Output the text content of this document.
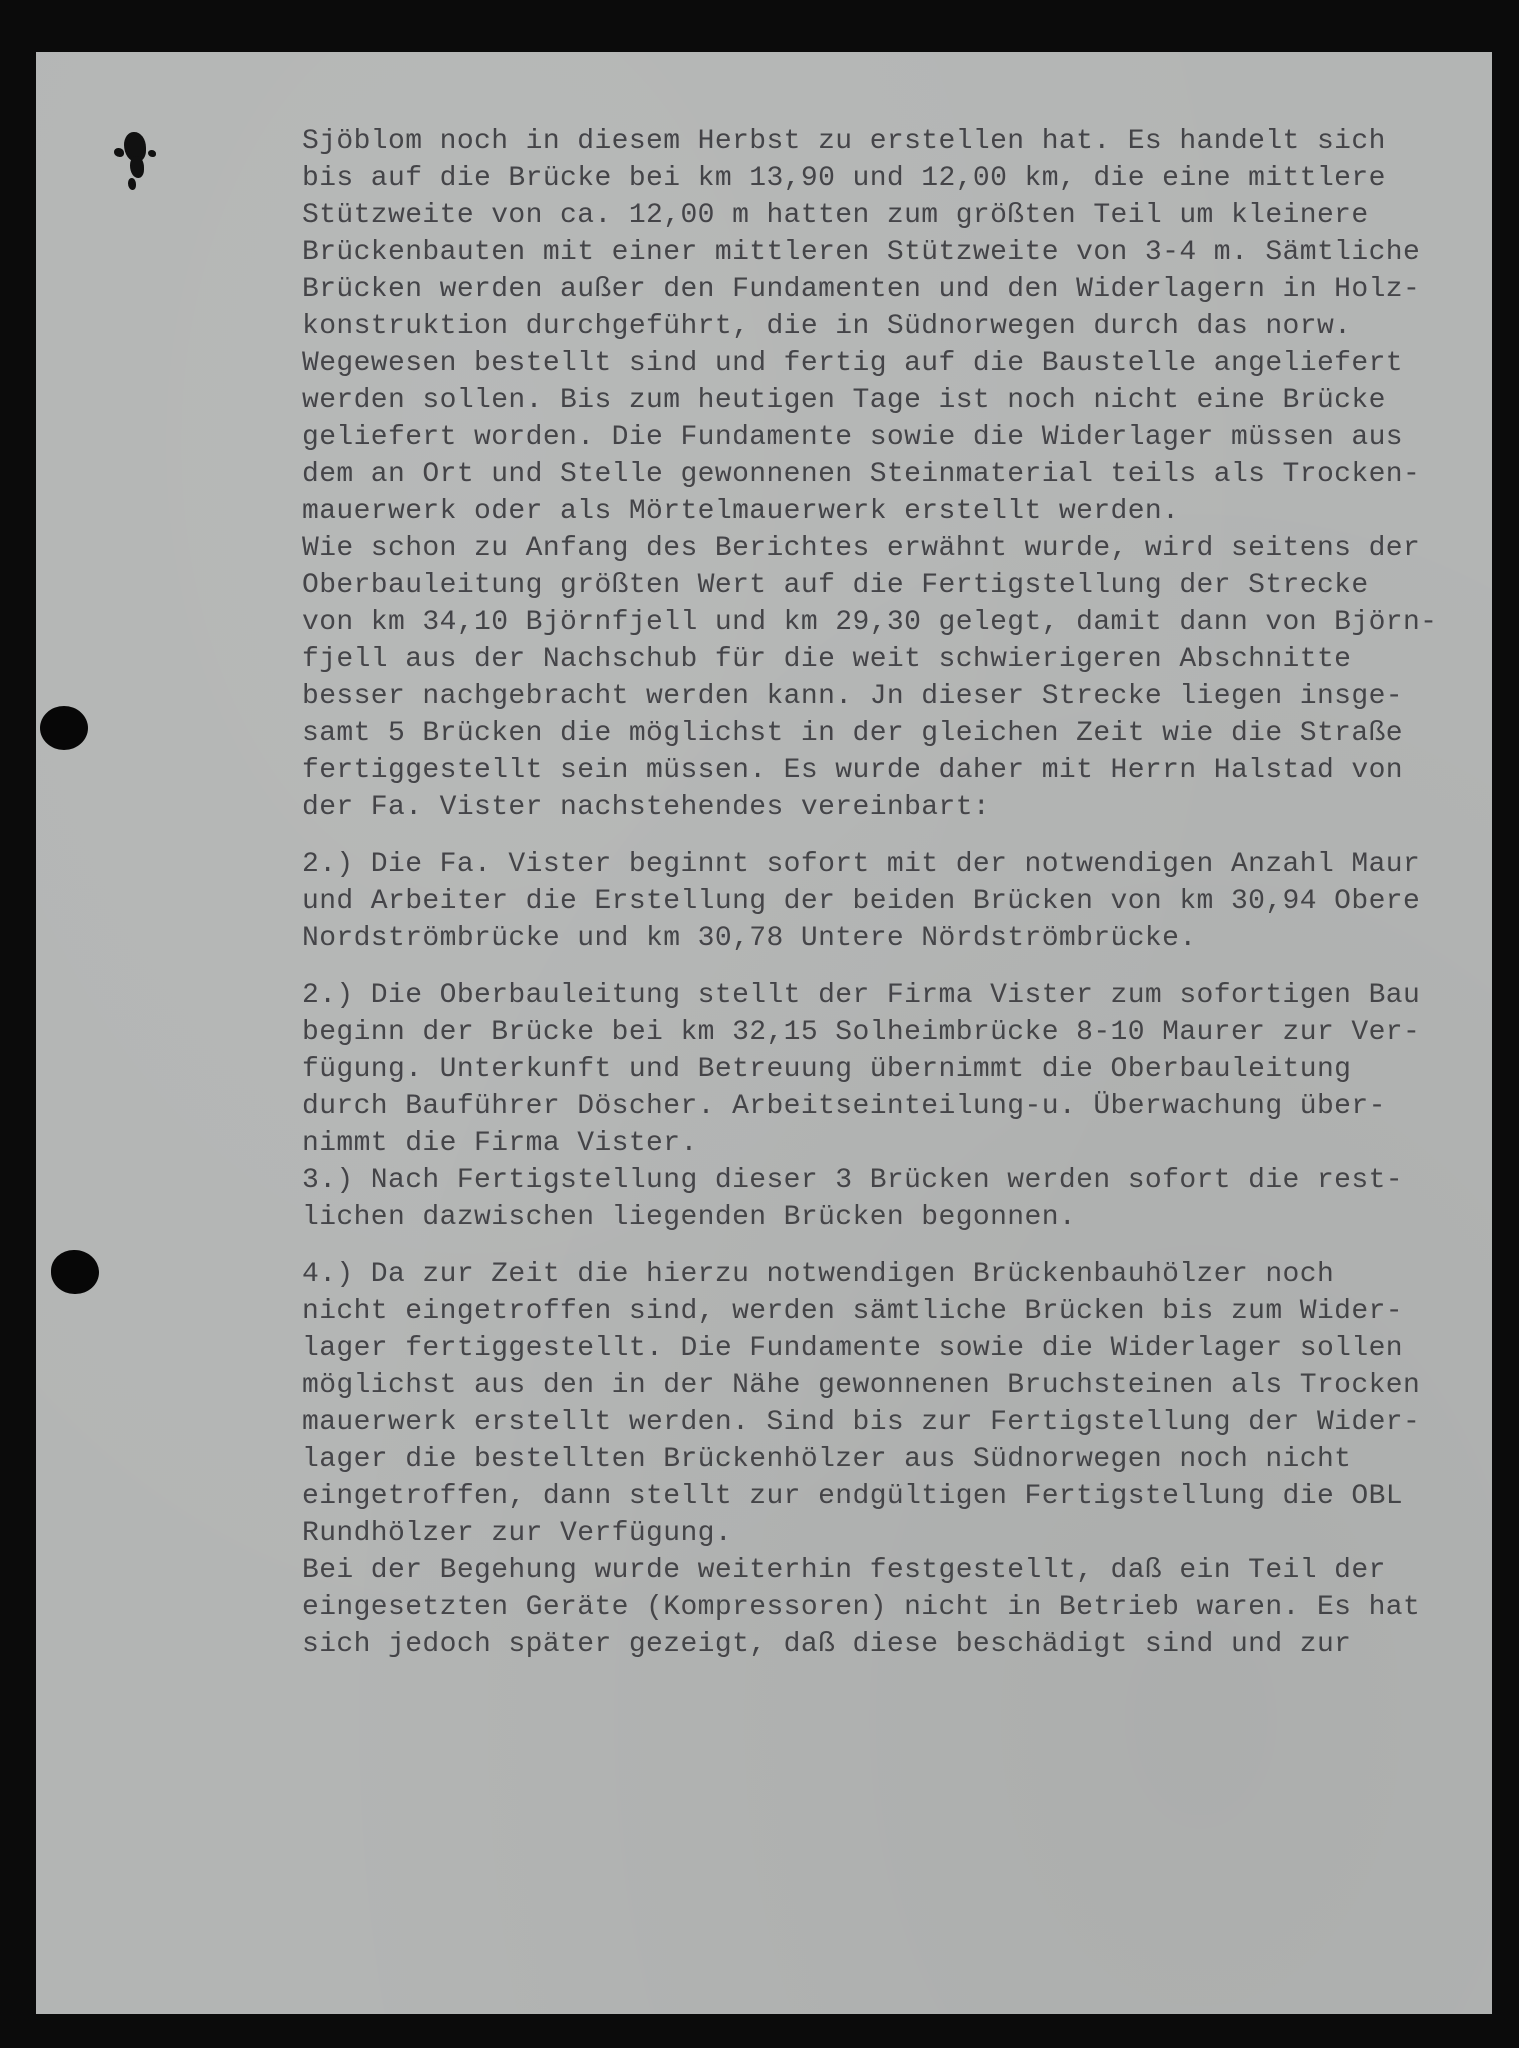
Sjöblom noch in diesem Herbst zu erstellen hat. Es handelt sich
bis auf die Brücke bei km 13,90 und 12,00 km, die eine mittlere
Stützweite von ca. 12,00 m hatten zum größten Teil um kleinere
Brückenbauten mit einer mittleren Stützweite von 3-4 m. Sämtliche
Brücken werden außer den Fundamenten und den Widerlagern in Holz-
konstruktion durchgeführt, die in Südnorwegen durch das norw.
Wegewesen bestellt sind und fertig auf die Baustelle angeliefert
werden sollen. Bis zum heutigen Tage ist noch nicht eine Brücke
geliefert worden. Die Fundamente sowie die Widerlager müssen aus
dem an Ort und Stelle gewonnenen Steinmaterial teils als Trocken-
mauerwerk oder als Mörtelmauerwerk erstellt werden.
Wie schon zu Anfang des Berichtes erwähnt wurde, wird seitens der
Oberbauleitung größten Wert auf die Fertigstellung der Strecke
von km 34,10 Björnfjell und km 29,30 gelegt, damit dann von Björn-
fjell aus der Nachschub für die weit schwierigeren Abschnitte
besser nachgebracht werden kann. Jn dieser Strecke liegen insge-
samt 5 Brücken die möglichst in der gleichen Zeit wie die Straße
fertiggestellt sein müssen. Es wurde daher mit Herrn Halstad von
der Fa. Vister nachstehendes vereinbart:
2.) Die Fa. Vister beginnt sofort mit der notwendigen Anzahl Maur
und Arbeiter die Erstellung der beiden Brücken von km 30,94 Obere
Nordströmbrücke und km 30,78 Untere Nördströmbrücke.
2.) Die Oberbauleitung stellt der Firma Vister zum sofortigen Bau
beginn der Brücke bei km 32,15 Solheimbrücke 8-10 Maurer zur Ver-
fügung. Unterkunft und Betreuung übernimmt die Oberbauleitung
durch Bauführer Döscher. Arbeitseinteilung-u. Überwachung über-
nimmt die Firma Vister.
3.) Nach Fertigstellung dieser 3 Brücken werden sofort die rest-
lichen dazwischen liegenden Brücken begonnen.
4.) Da zur Zeit die hierzu notwendigen Brückenbauhölzer noch
nicht eingetroffen sind, werden sämtliche Brücken bis zum Wider-
lager fertiggestellt. Die Fundamente sowie die Widerlager sollen
möglichst aus den in der Nähe gewonnenen Bruchsteinen als Trocken
mauerwerk erstellt werden. Sind bis zur Fertigstellung der Wider-
lager die bestellten Brückenhölzer aus Südnorwegen noch nicht
eingetroffen, dann stellt zur endgültigen Fertigstellung die OBL
Rundhölzer zur Verfügung.
Bei der Begehung wurde weiterhin festgestellt, daß ein Teil der
eingesetzten Geräte (Kompressoren) nicht in Betrieb waren. Es hat
sich jedoch später gezeigt, daß diese beschädigt sind und zur
